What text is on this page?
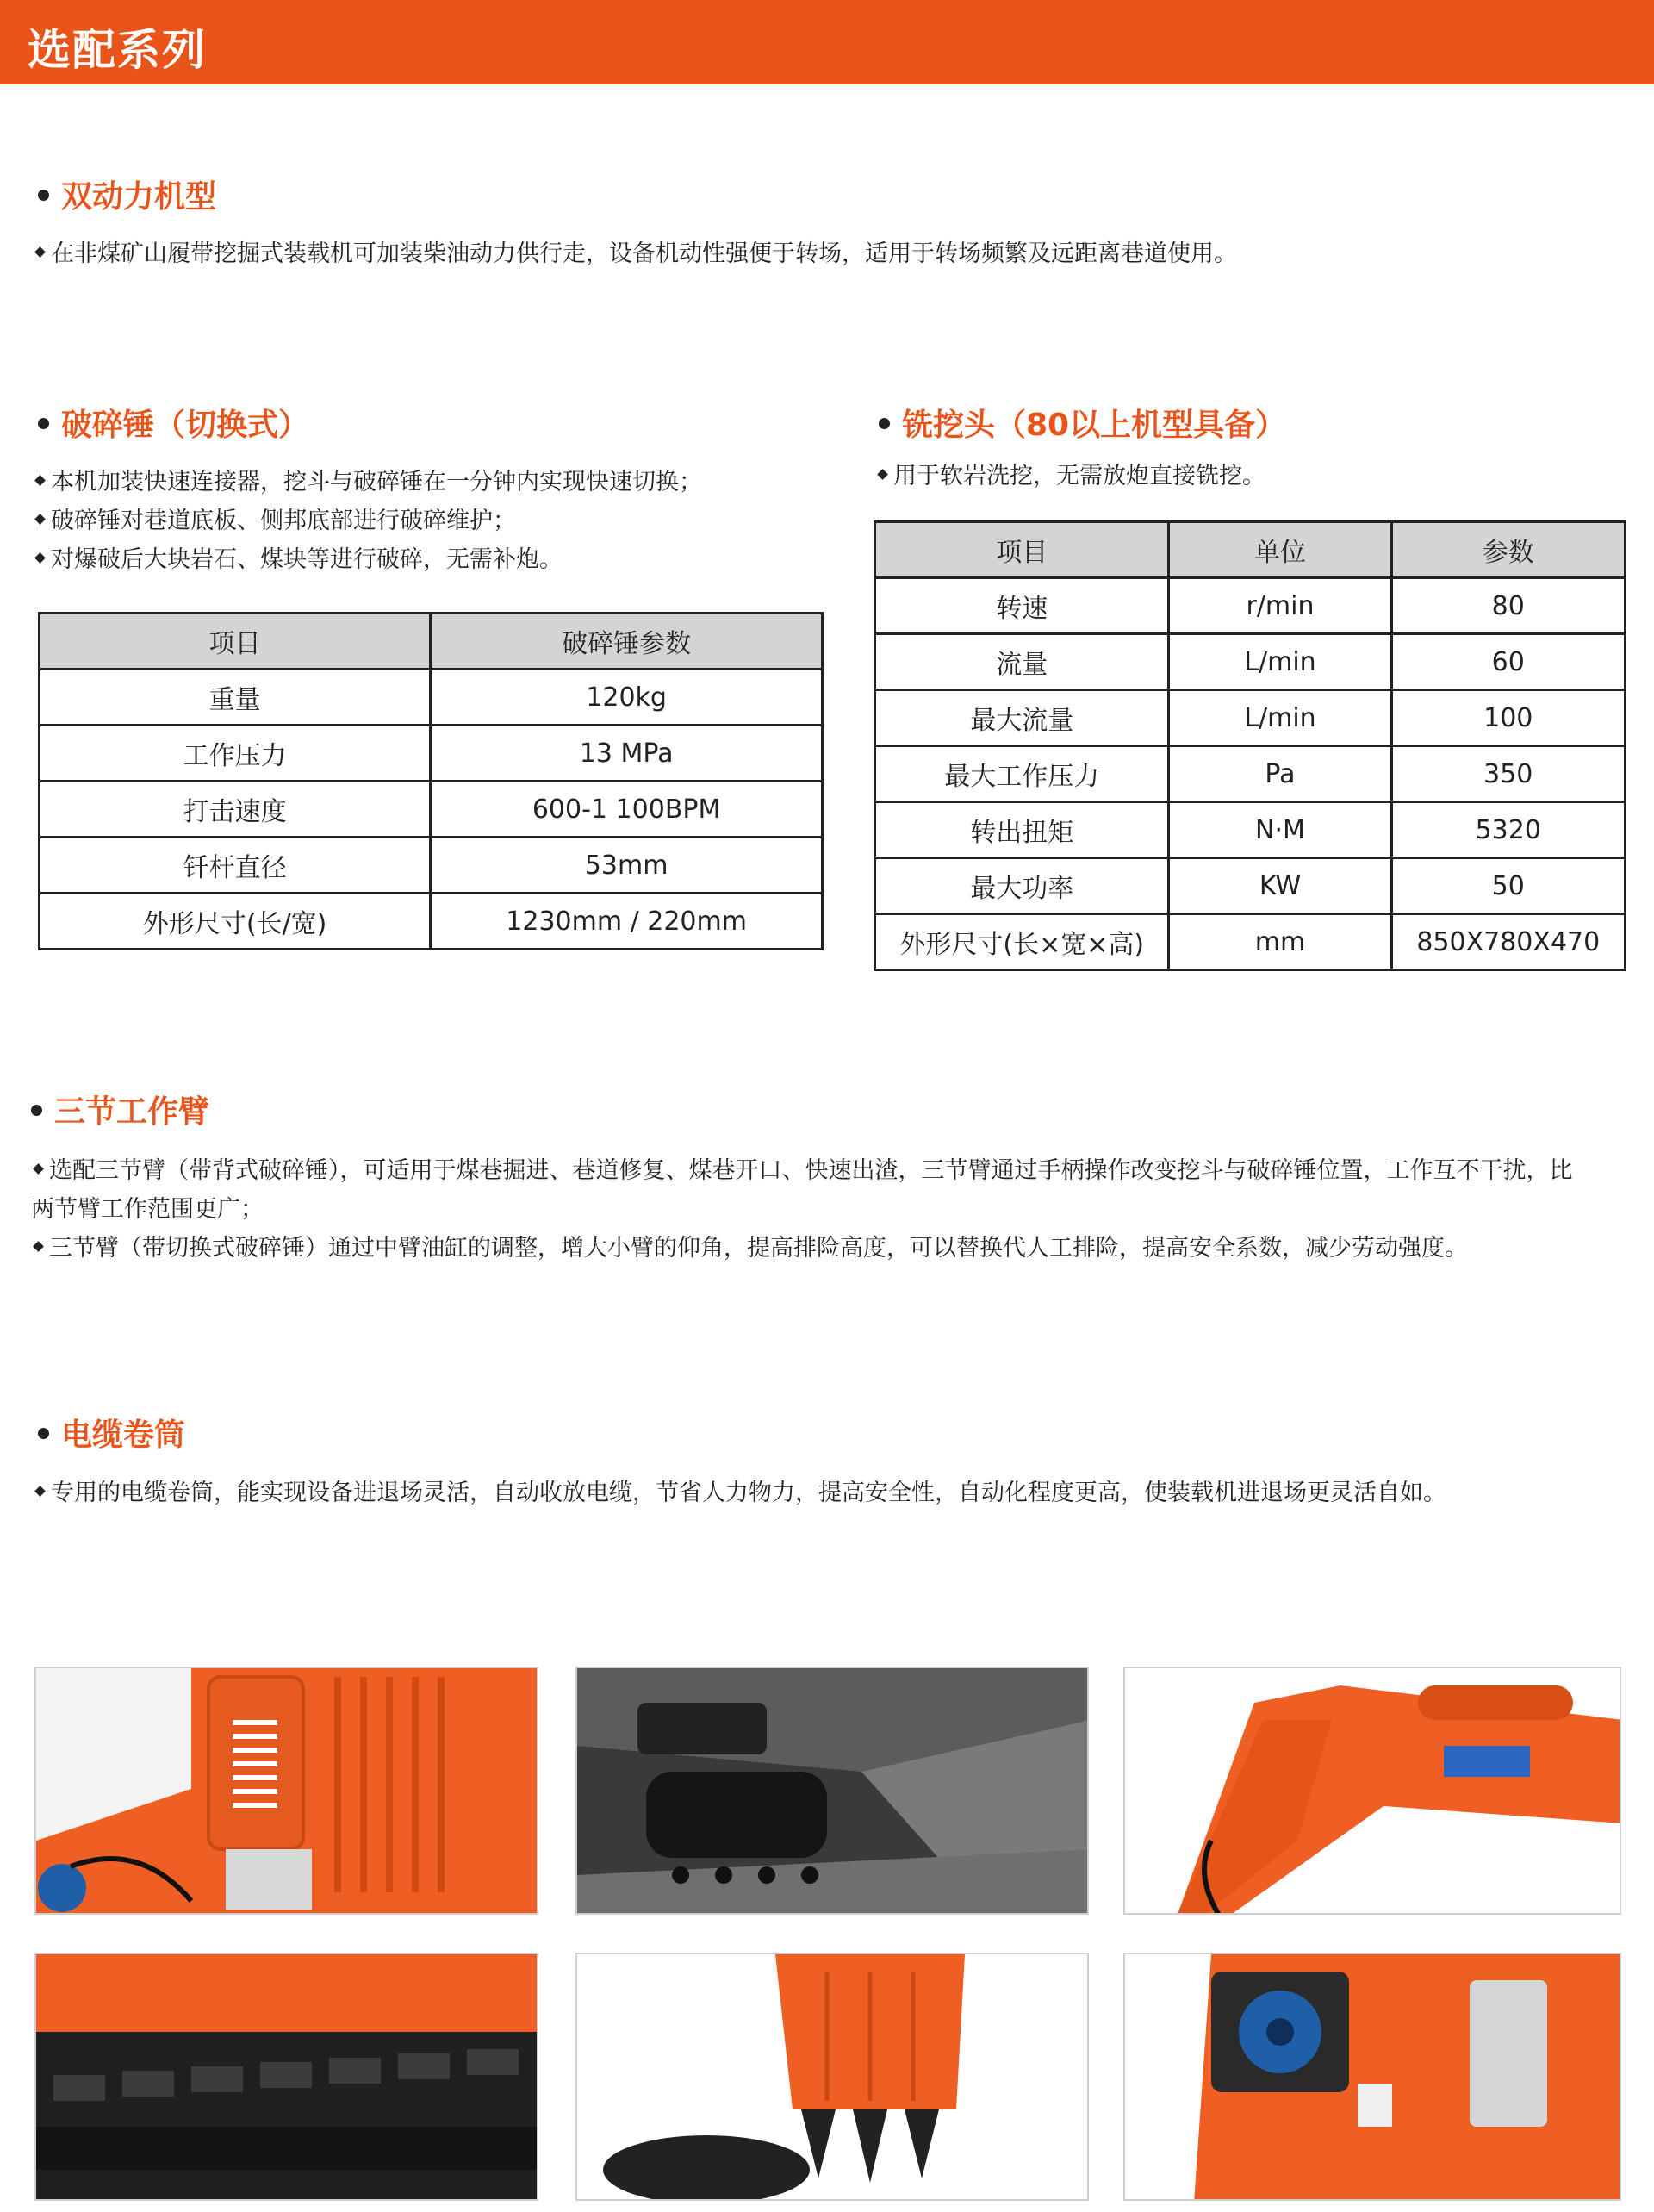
选配系列
双动力机型
在非煤矿山履带挖掘式装载机可加装柴油动力供行走，设备机动性强便于转场，适用于转场频繁及远距离巷道使用。
破碎锤（切换式）
本机加装快速连接器，挖斗与破碎锤在一分钟内实现快速切换；
破碎锤对巷道底板、侧邦底部进行破碎维护；
对爆破后大块岩石、煤块等进行破碎，无需补炮。
项目	破碎锤参数
重量	120kg
工作压力	13 MPa
打击速度	600-1 100BPM
钎杆直径	53mm
外形尺寸(长/宽)	1230mm / 220mm
铣挖头（80以上机型具备）
用于软岩洗挖，无需放炮直接铣挖。
项目	单位	参数
转速	r/min	80
流量	L/min	60
最大流量	L/min	100
最大工作压力	Pa	350
转出扭矩	N·M	5320
最大功率	KW	50
外形尺寸(长×宽×高)	mm	850X780X470
三节工作臂
选配三节臂（带背式破碎锤），可适用于煤巷掘进、巷道修复、煤巷开口、快速出渣，三节臂通过手柄操作改变挖斗与破碎锤位置，工作互不干扰，比两节臂工作范围更广；
三节臂（带切换式破碎锤）通过中臂油缸的调整，增大小臂的仰角，提高排险高度，可以替换代人工排险，提高安全系数，减少劳动强度。
电缆卷筒
专用的电缆卷筒，能实现设备进退场灵活，自动收放电缆，节省人力物力，提高安全性，自动化程度更高，使装载机进退场更灵活自如。
